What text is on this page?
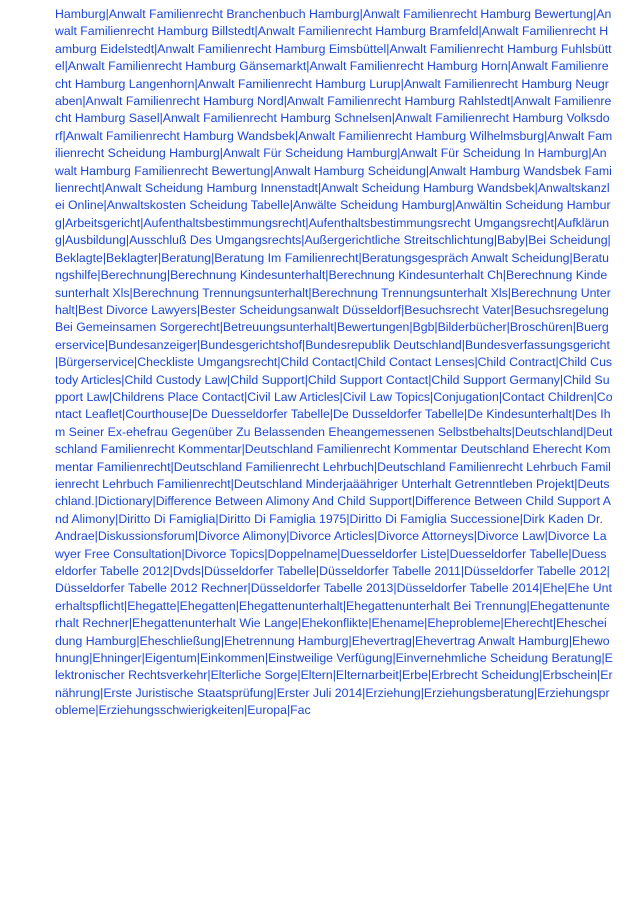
Hamburg|Anwalt Familienrecht Branchenbuch Hamburg|Anwalt Familienrecht Hamburg Bewertung|Anwalt Familienrecht Hamburg Billstedt|Anwalt Familienrecht Hamburg Bramfeld|Anwalt Familienrecht Hamburg Eidelstedt|Anwalt Familienrecht Hamburg Eimsbüttel|Anwalt Familienrecht Hamburg Fuhlsbüttel|Anwalt Familienrecht Hamburg Gänsemarkt|Anwalt Familienrecht Hamburg Horn|Anwalt Familienrecht Hamburg Langenhorn|Anwalt Familienrecht Hamburg Lurup|Anwalt Familienrecht Hamburg Neugraben|Anwalt Familienrecht Hamburg Nord|Anwalt Familienrecht Hamburg Rahlstedt|Anwalt Familienrecht Hamburg Sasel|Anwalt Familienrecht Hamburg Schnelsen|Anwalt Familienrecht Hamburg Volksdorf|Anwalt Familienrecht Hamburg Wandsbek|Anwalt Familienrecht Hamburg Wilhelmsburg|Anwalt Familienrecht Scheidung Hamburg|Anwalt Für Scheidung Hamburg|Anwalt Für Scheidung In Hamburg|Anwalt Hamburg Familienrecht Bewertung|Anwalt Hamburg Scheidung|Anwalt Hamburg Wandsbek Familienrecht|Anwalt Scheidung Hamburg Innenstadt|Anwalt Scheidung Hamburg Wandsbek|Anwaltskanzlei Online|Anwaltskosten Scheidung Tabelle|Anwälte Scheidung Hamburg|Anwältin Scheidung Hamburg|Arbeitsgericht|Aufenthaltsbestimmungsrecht|Aufenthaltsbestimmungsrecht Umgangsrecht|Aufklärung|Ausbildung|Ausschluß Des Umgangsrechts|Außergerichtliche Streitschlichtung|Baby|Bei Scheidung|Beklagte|Beklagter|Beratung|Beratung Im Familienrecht|Beratungsgespräch Anwalt Scheidung|Beratungshilfe|Berechnung|Berechnung Kindesunterhalt|Berechnung Kindesunterhalt Ch|Berechnung Kindesunterhalt Xls|Berechnung Trennungsunterhalt|Berechnung Trennungsunterhalt Xls|Berechnung Unterhalt|Best Divorce Lawyers|Bester Scheidungsanwalt Düsseldorf|Besuchsrecht Vater|Besuchsregelung Bei Gemeinsamen Sorgerecht|Betreuungsunterhalt|Bewertungen|Bgb|Bilderbücher|Broschüren|Buergerservice|Bundesanzeiger|Bundesgerichtshof|Bundesrepublik Deutschland|Bundesverfassungsgericht|Bürgerservice|Checkliste Umgangsrecht|Child Contact|Child Contact Lenses|Child Contract|Child Custody Articles|Child Custody Law|Child Support|Child Support Contact|Child Support Germany|Child Support Law|Childrens Place Contact|Civil Law Articles|Civil Law Topics|Conjugation|Contact Children|Contact Leaflet|Courthouse|De Duesseldorfer Tabelle|De Dusseldorfer Tabelle|De Kindesunterhalt|Des Ihm Seiner Ex-ehefrau Gegenüber Zu Belassenden Eheangemessenen Selbstbehalts|Deutschland|Deutschland Familienrecht Kommentar|Deutschland Familienrecht Kommentar Deutschland Eherecht Kommentar Familienrecht|Deutschland Familienrecht Lehrbuch|Deutschland Familienrecht Lehrbuch Familienrecht Lehrbuch Familienrecht|Deutschland Minderjaäähriger Unterhalt Getrenntleben Projekt|Deutschland.|Dictionary|Difference Between Alimony And Child Support|Difference Between Child Support And Alimony|Diritto Di Famiglia|Diritto Di Famiglia 1975|Diritto Di Famiglia Successione|Dirk Kaden Dr. Andrae|Diskussionsforum|Divorce Alimony|Divorce Articles|Divorce Attorneys|Divorce Law|Divorce Lawyer Free Consultation|Divorce Topics|Doppelname|Duesseldorfer Liste|Duesseldorfer Tabelle|Duesseldorfer Tabelle 2012|Dvds|Düsseldorfer Tabelle|Düsseldorfer Tabelle 2011|Düsseldorfer Tabelle 2012|Düsseldorfer Tabelle 2012 Rechner|Düsseldorfer Tabelle 2013|Düsseldorfer Tabelle 2014|Ehe|Ehe Unterhaltspflicht|Ehegatte|Ehegatten|Ehegattenunterhalt|Ehegattenunterhalt Bei Trennung|Ehegattenunterhalt Rechner|Ehegattenunterhalt Wie Lange|Ehekonflikte|Ehename|Eheprobleme|Eherecht|Ehescheidung Hamburg|Eheschließung|Ehetrennung Hamburg|Ehevertrag|Ehevertrag Anwalt Hamburg|Ehewohnung|Ehninger|Eigentum|Einkommen|Einstweilige Verfügung|Einvernehmliche Scheidung Beratung|Elektronischer Rechtsverkehr|Elterliche Sorge|Eltern|Elternarbeit|Erbe|Erbrecht Scheidung|Erbschein|Ernährung|Erste Juristische Staatsprüfung|Erster Juli 2014|Erziehung|Erziehungsberatung|Erziehungsprobleme|Erziehungsschwierigkeiten|Europa|Fac
